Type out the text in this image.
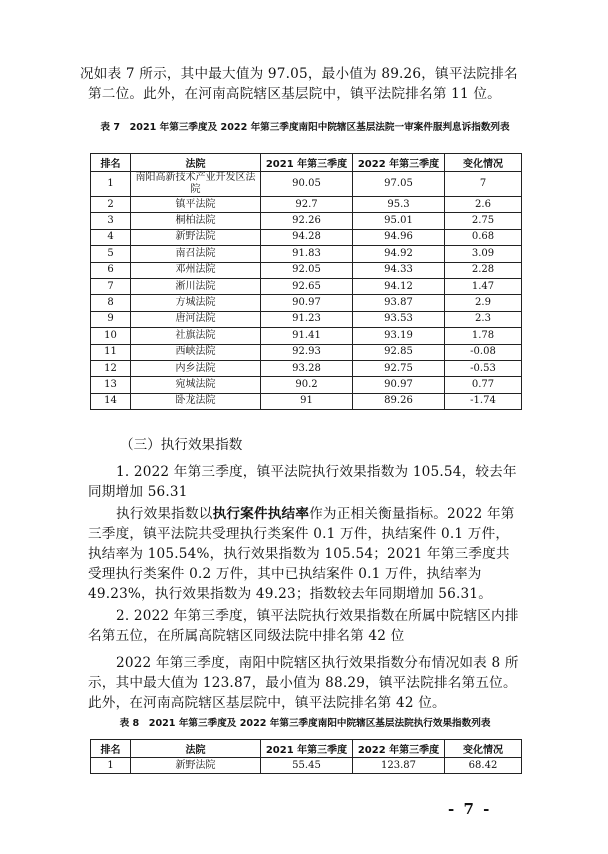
况如表 7 所示，其中最大值为 97.05，最小值为 89.26，镇平法院排名第二位。此外，在河南高院辖区基层院中，镇平法院排名第 11 位。

表 7　2021 年第三季度及 2022 年第三季度南阳中院辖区基层法院一审案件服判息诉指数列表

排名	法院	2021 年第三季度	2022 年第三季度	变化情况
1	南阳高新技术产业开发区法院	90.05	97.05	7
2	镇平法院	92.7	95.3	2.6
3	桐柏法院	92.26	95.01	2.75
4	新野法院	94.28	94.96	0.68
5	南召法院	91.83	94.92	3.09
6	邓州法院	92.05	94.33	2.28
7	淅川法院	92.65	94.12	1.47
8	方城法院	90.97	93.87	2.9
9	唐河法院	91.23	93.53	2.3
10	社旗法院	91.41	93.19	1.78
11	西峡法院	92.93	92.85	-0.08
12	内乡法院	93.28	92.75	-0.53
13	宛城法院	90.2	90.97	0.77
14	卧龙法院	91	89.26	-1.74

（三）执行效果指数

1. 2022 年第三季度，镇平法院执行效果指数为 105.54，较去年同期增加 56.31

执行效果指数以执行案件执结率作为正相关衡量指标。2022 年第三季度，镇平法院共受理执行类案件 0.1 万件，执结案件 0.1 万件，执结率为 105.54%，执行效果指数为 105.54；2021 年第三季度共受理执行类案件 0.2 万件，其中已执结案件 0.1 万件，执结率为 49.23%，执行效果指数为 49.23；指数较去年同期增加 56.31。

2. 2022 年第三季度，镇平法院执行效果指数在所属中院辖区内排名第五位，在所属高院辖区同级法院中排名第 42 位

2022 年第三季度，南阳中院辖区执行效果指数分布情况如表 8 所示，其中最大值为 123.87，最小值为 88.29，镇平法院排名第五位。此外，在河南高院辖区基层院中，镇平法院排名第 42 位。

表 8　2021 年第三季度及 2022 年第三季度南阳中院辖区基层法院执行效果指数列表

排名	法院	2021 年第三季度	2022 年第三季度	变化情况
1	新野法院	55.45	123.87	68.42
- 7 -
